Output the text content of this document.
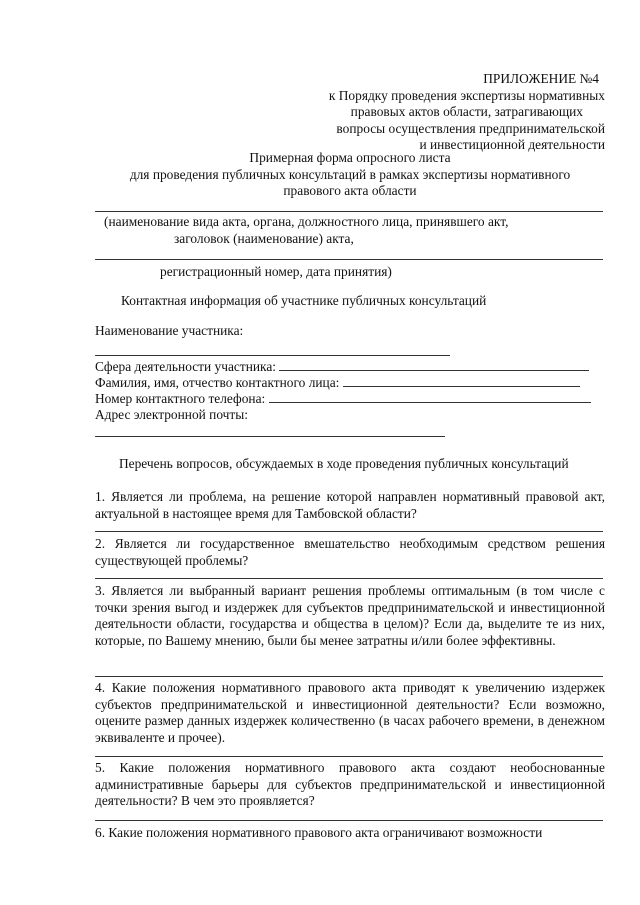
ПРИЛОЖЕНИЕ №4
к Порядку проведения экспертизы нормативных
правовых актов области, затрагивающих
вопросы осуществления предпринимательской
и инвестиционной деятельности
Примерная форма опросного листа
для проведения публичных консультаций в рамках экспертизы нормативного
правового акта области
(наименование вида акта, органа, должностного лица, принявшего акт,
заголовок (наименование) акта,
регистрационный номер, дата принятия)
Контактная информация об участнике публичных консультаций
Наименование участника:
Сфера деятельности участника:
Фамилия, имя, отчество контактного лица:
Номер контактного телефона:
Адрес электронной почты:
Перечень вопросов, обсуждаемых в ходе проведения публичных консультаций
1. Является ли проблема, на решение которой направлен нормативный правовой акт, актуальной в настоящее время для Тамбовской области?
2. Является ли государственное вмешательство необходимым средством решения существующей проблемы?
3. Является ли выбранный вариант решения проблемы оптимальным (в том числе с точки зрения выгод и издержек для субъектов предпринимательской и инвестиционной деятельности области, государства и общества в целом)? Если да, выделите те из них, которые, по Вашему мнению, были бы менее затратны и/или более эффективны.
4. Какие положения нормативного правового акта приводят к увеличению издержек субъектов предпринимательской и инвестиционной деятельности? Если возможно, оцените размер данных издержек количественно (в часах рабочего времени, в денежном эквиваленте и прочее).
5. Какие положения нормативного правового акта создают необоснованные административные барьеры для субъектов предпринимательской и инвестиционной деятельности? В чем это проявляется?
6. Какие положения нормативного правового акта ограничивают возможности
